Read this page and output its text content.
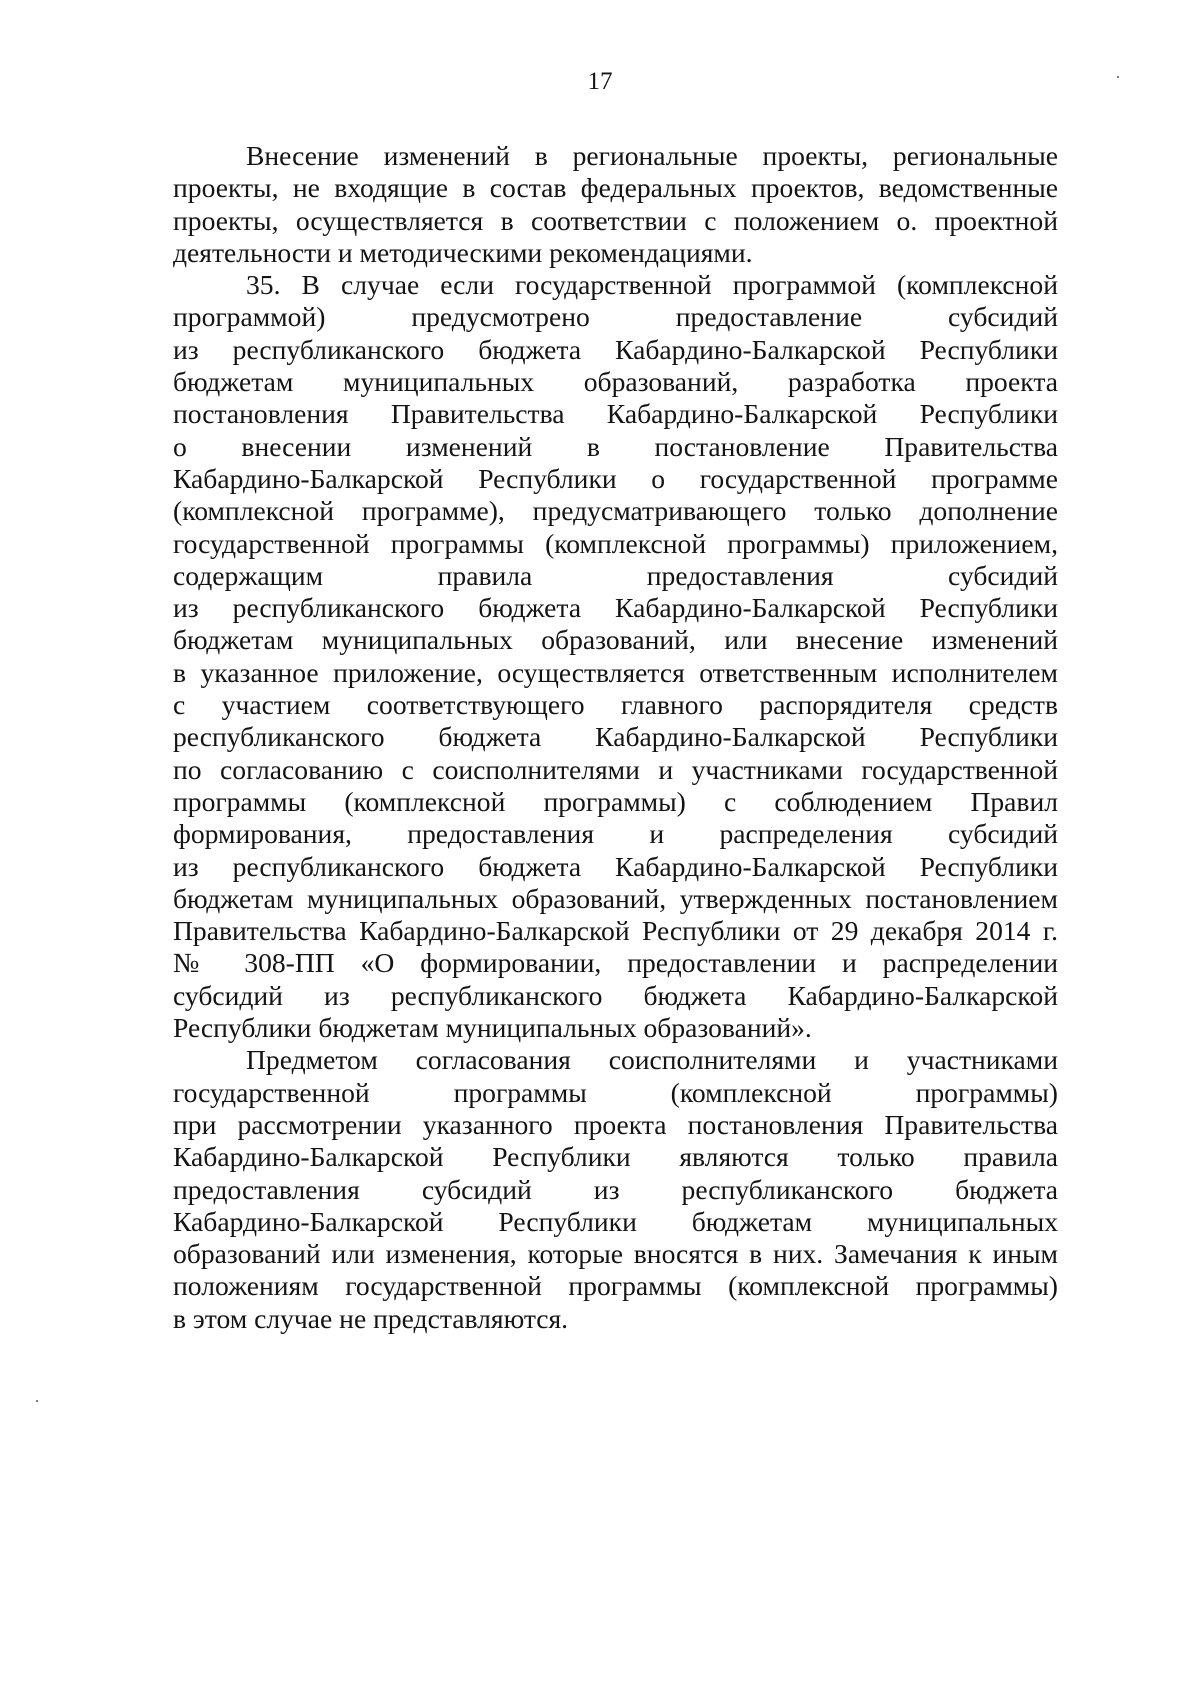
17

Внесение изменений в региональные проекты, региональные
проекты, не входящие в состав федеральных проектов, ведомственные
проекты, осуществляется в соответствии с положением о. проектной
деятельности и методическими рекомендациями.

35. В случае если государственной программой (комплексной
программой) предусмотрено предоставление субсидий
из республиканского бюджета Кабардино-Балкарской Республики
бюджетам муниципальных образований, разработка проекта
постановления Правительства Кабардино-Балкарской Республики
о внесении изменений в постановление Правительства
Кабардино-Балкарской Республики о государственной программе
(комплексной программе), предусматривающего только дополнение
государственной программы (комплексной программы) приложением,
содержащим правила предоставления субсидий
из республиканского бюджета Кабардино-Балкарской Республики
бюджетам муниципальных образований, или внесение изменений
в указанное приложение, осуществляется ответственным исполнителем
с участием соответствующего главного распорядителя средств
республиканского бюджета Кабардино-Балкарской Республики
по согласованию с соисполнителями и участниками государственной
программы (комплексной программы) с соблюдением Правил
формирования, предоставления и распределения субсидий
из республиканского бюджета Кабардино-Балкарской Республики
бюджетам муниципальных образований, утвержденных постановлением
Правительства Кабардино-Балкарской Республики от 29 декабря 2014 г.
№ 308-ПП «О формировании, предоставлении и распределении
субсидий из республиканского бюджета Кабардино-Балкарской
Республики бюджетам муниципальных образований».

Предметом согласования соисполнителями и участниками
государственной программы (комплексной программы)
при рассмотрении указанного проекта постановления Правительства
Кабардино-Балкарской Республики являются только правила
предоставления субсидий из республиканского бюджета
Кабардино-Балкарской Республики бюджетам муниципальных
образований или изменения, которые вносятся в них. Замечания к иным
положениям государственной программы (комплексной программы)
в этом случае не представляются.
